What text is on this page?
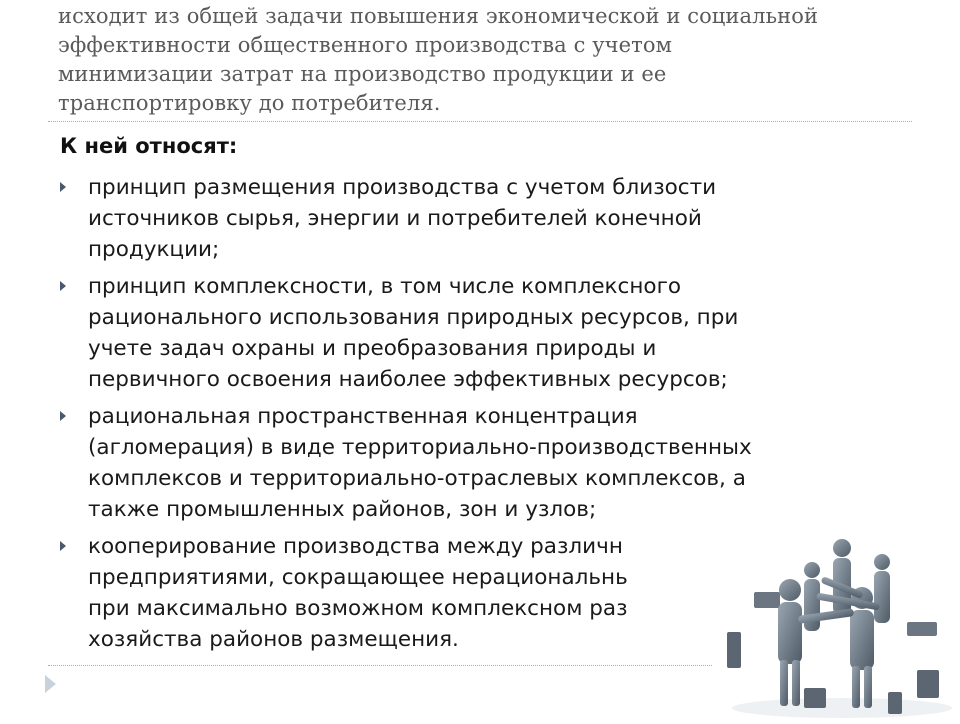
исходит из общей задачи повышения экономической и социальной
эффективности общественного производства с учетом
минимизации затрат на производство продукции и ее
транспортировку до потребителя.

К ней относят:

принцип размещения производства с учетом близости
источников сырья, энергии и потребителей конечной
продукции;
принцип комплексности, в том числе комплексного
рационального использования природных ресурсов, при
учете задач охраны и преобразования природы и
первичного освоения наиболее эффективных ресурсов;
рациональная пространственная концентрация
(агломерация) в виде территориально-производственных
комплексов и территориально-отраслевых комплексов, а
также промышленных районов, зон и узлов;
кооперирование производства между различн
предприятиями, сокращающее нерациональнь
при максимально возможном комплексном раз
хозяйства районов размещения.
